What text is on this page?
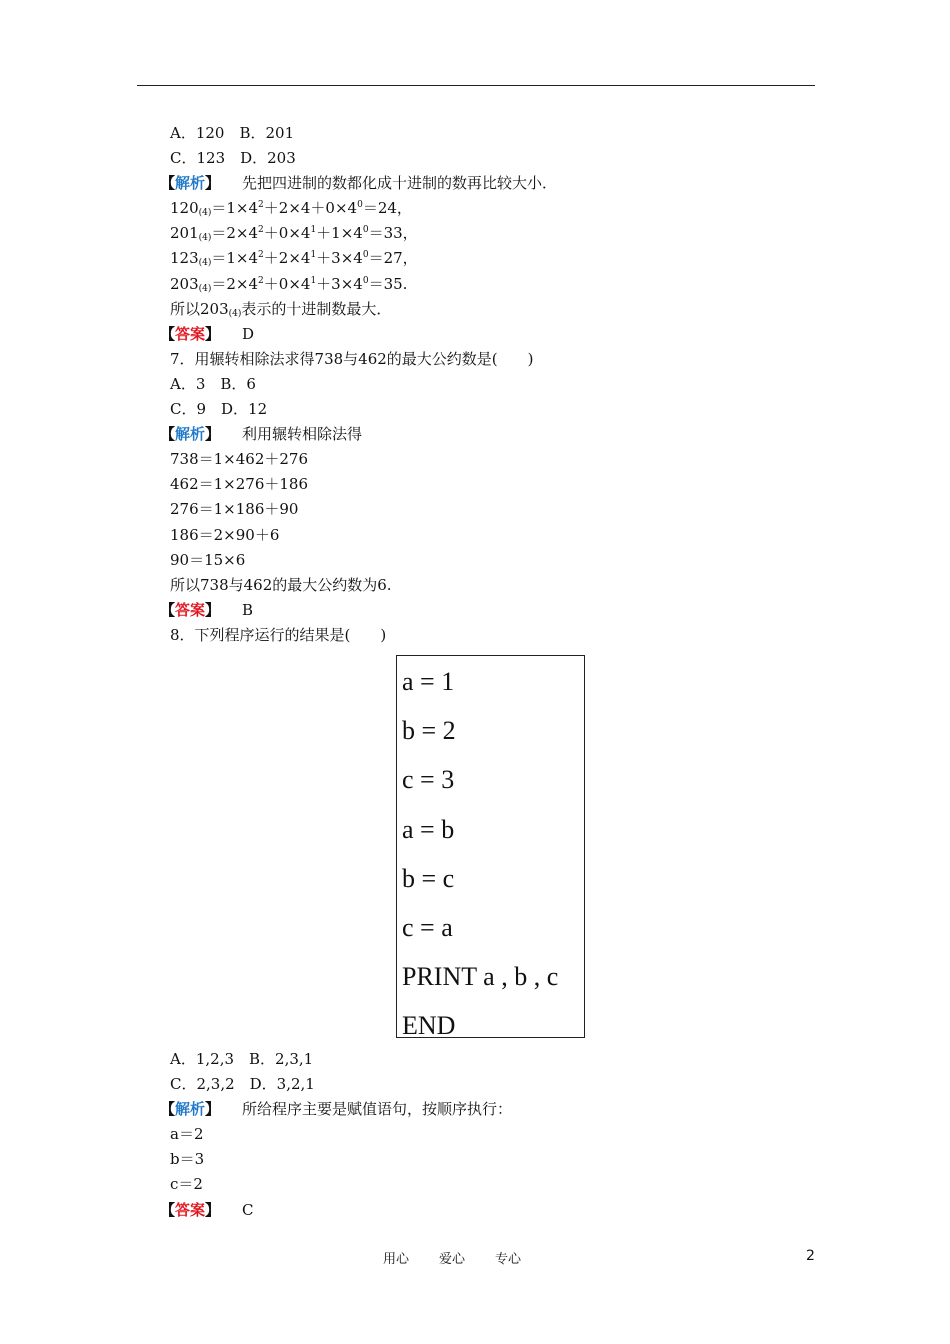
A．120　B．201
C．123　D．203
【解析】 先把四进制的数都化成十进制的数再比较大小．
$120_{(4)}=1\times 4^2+2\times 4+0\times 4^0=24$，
$201_{(4)}=2\times 4^2+0\times 4^1+1\times 4^0=33$，
$123_{(4)}=1\times 4^2+2\times 4^1+3\times 4^0=27$，
$203_{(4)}=2\times 4^2+0\times 4^1+3\times 4^0=35$.
所以$203_{(4)}$表示的十进制数最大．
【答案】 D
7．用辗转相除法求得738与462的最大公约数是(　　)
A．3　B．6
C．9　D．12
【解析】 利用辗转相除法得
738＝1×462＋276
462＝1×276＋186
276＝1×186＋90
186＝2×90＋6
90＝15×6
所以738与462的最大公约数为6.
【答案】 B
8．下列程序运行的结果是(　　)
a = 1
b = 2
c = 3
a = b
b = c
c = a
PRINT a , b , c
END
A．1,2,3　B．2,3,1
C．2,3,2　D．3,2,1
【解析】 所给程序主要是赋值语句，按顺序执行：
a＝2
b＝3
c＝2
【答案】 C
用心 爱心 专心	2
